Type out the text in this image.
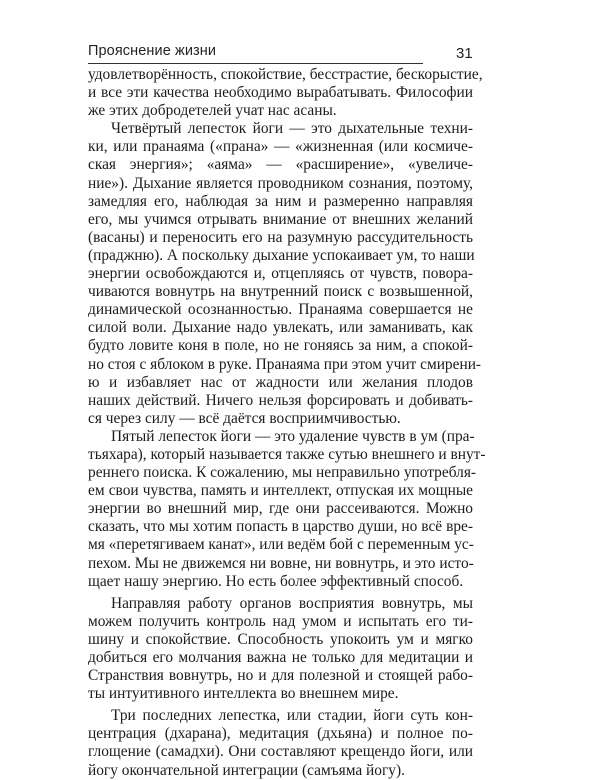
Прояснение жизни	31
удовлетворённость, спокойствие, бесстрастие, бескорыстие,
и все эти качества необходимо вырабатывать. Философии
же этих добродетелей учат нас асаны.
Четвёртый лепесток йоги — это дыхательные техни-
ки, или пранаяма («прана» — «жизненная (или космиче-
ская энергия»; «аяма» — «расширение», «увеличе-
ние»). Дыхание является проводником сознания, поэтому,
замедляя его, наблюдая за ним и размеренно направляя
его, мы учимся отрывать внимание от внешних желаний
(васаны) и переносить его на разумную рассудительность
(праджню). А поскольку дыхание успокаивает ум, то наши
энергии освобождаются и, отцепляясь от чувств, повора-
чиваются вовнутрь на внутренний поиск с возвышенной,
динамической осознанностью. Пранаяма совершается не
силой воли. Дыхание надо увлекать, или заманивать, как
будто ловите коня в поле, но не гоняясь за ним, а спокой-
но стоя с яблоком в руке. Пранаяма при этом учит смирени-
ю и избавляет нас от жадности или желания плодов
наших действий. Ничего нельзя форсировать и добивать-
ся через силу — всё даётся восприимчивостью.
Пятый лепесток йоги — это удаление чувств в ум (пра-
тьяхара), который называется также сутью внешнего и внут-
реннего поиска. К сожалению, мы неправильно употребля-
ем свои чувства, память и интеллект, отпуская их мощные
энергии во внешний мир, где они рассеиваются. Можно
сказать, что мы хотим попасть в царство души, но всё вре-
мя «перетягиваем канат», или ведём бой с переменным ус-
пехом. Мы не движемся ни вовне, ни вовнутрь, и это исто-
щает нашу энергию. Но есть более эффективный способ.
Направляя работу органов восприятия вовнутрь, мы
можем получить контроль над умом и испытать его ти-
шину и спокойствие. Способность упокоить ум и мягко
добиться его молчания важна не только для медитации и
Странствия вовнутрь, но и для полезной и стоящей рабо-
ты интуитивного интеллекта во внешнем мире.
Три последних лепестка, или стадии, йоги суть кон-
центрация (дхарана), медитация (дхьяна) и полное по-
глощение (самадхи). Они составляют крещендо йоги, или
йогу окончательной интеграции (самъяма йогу).
